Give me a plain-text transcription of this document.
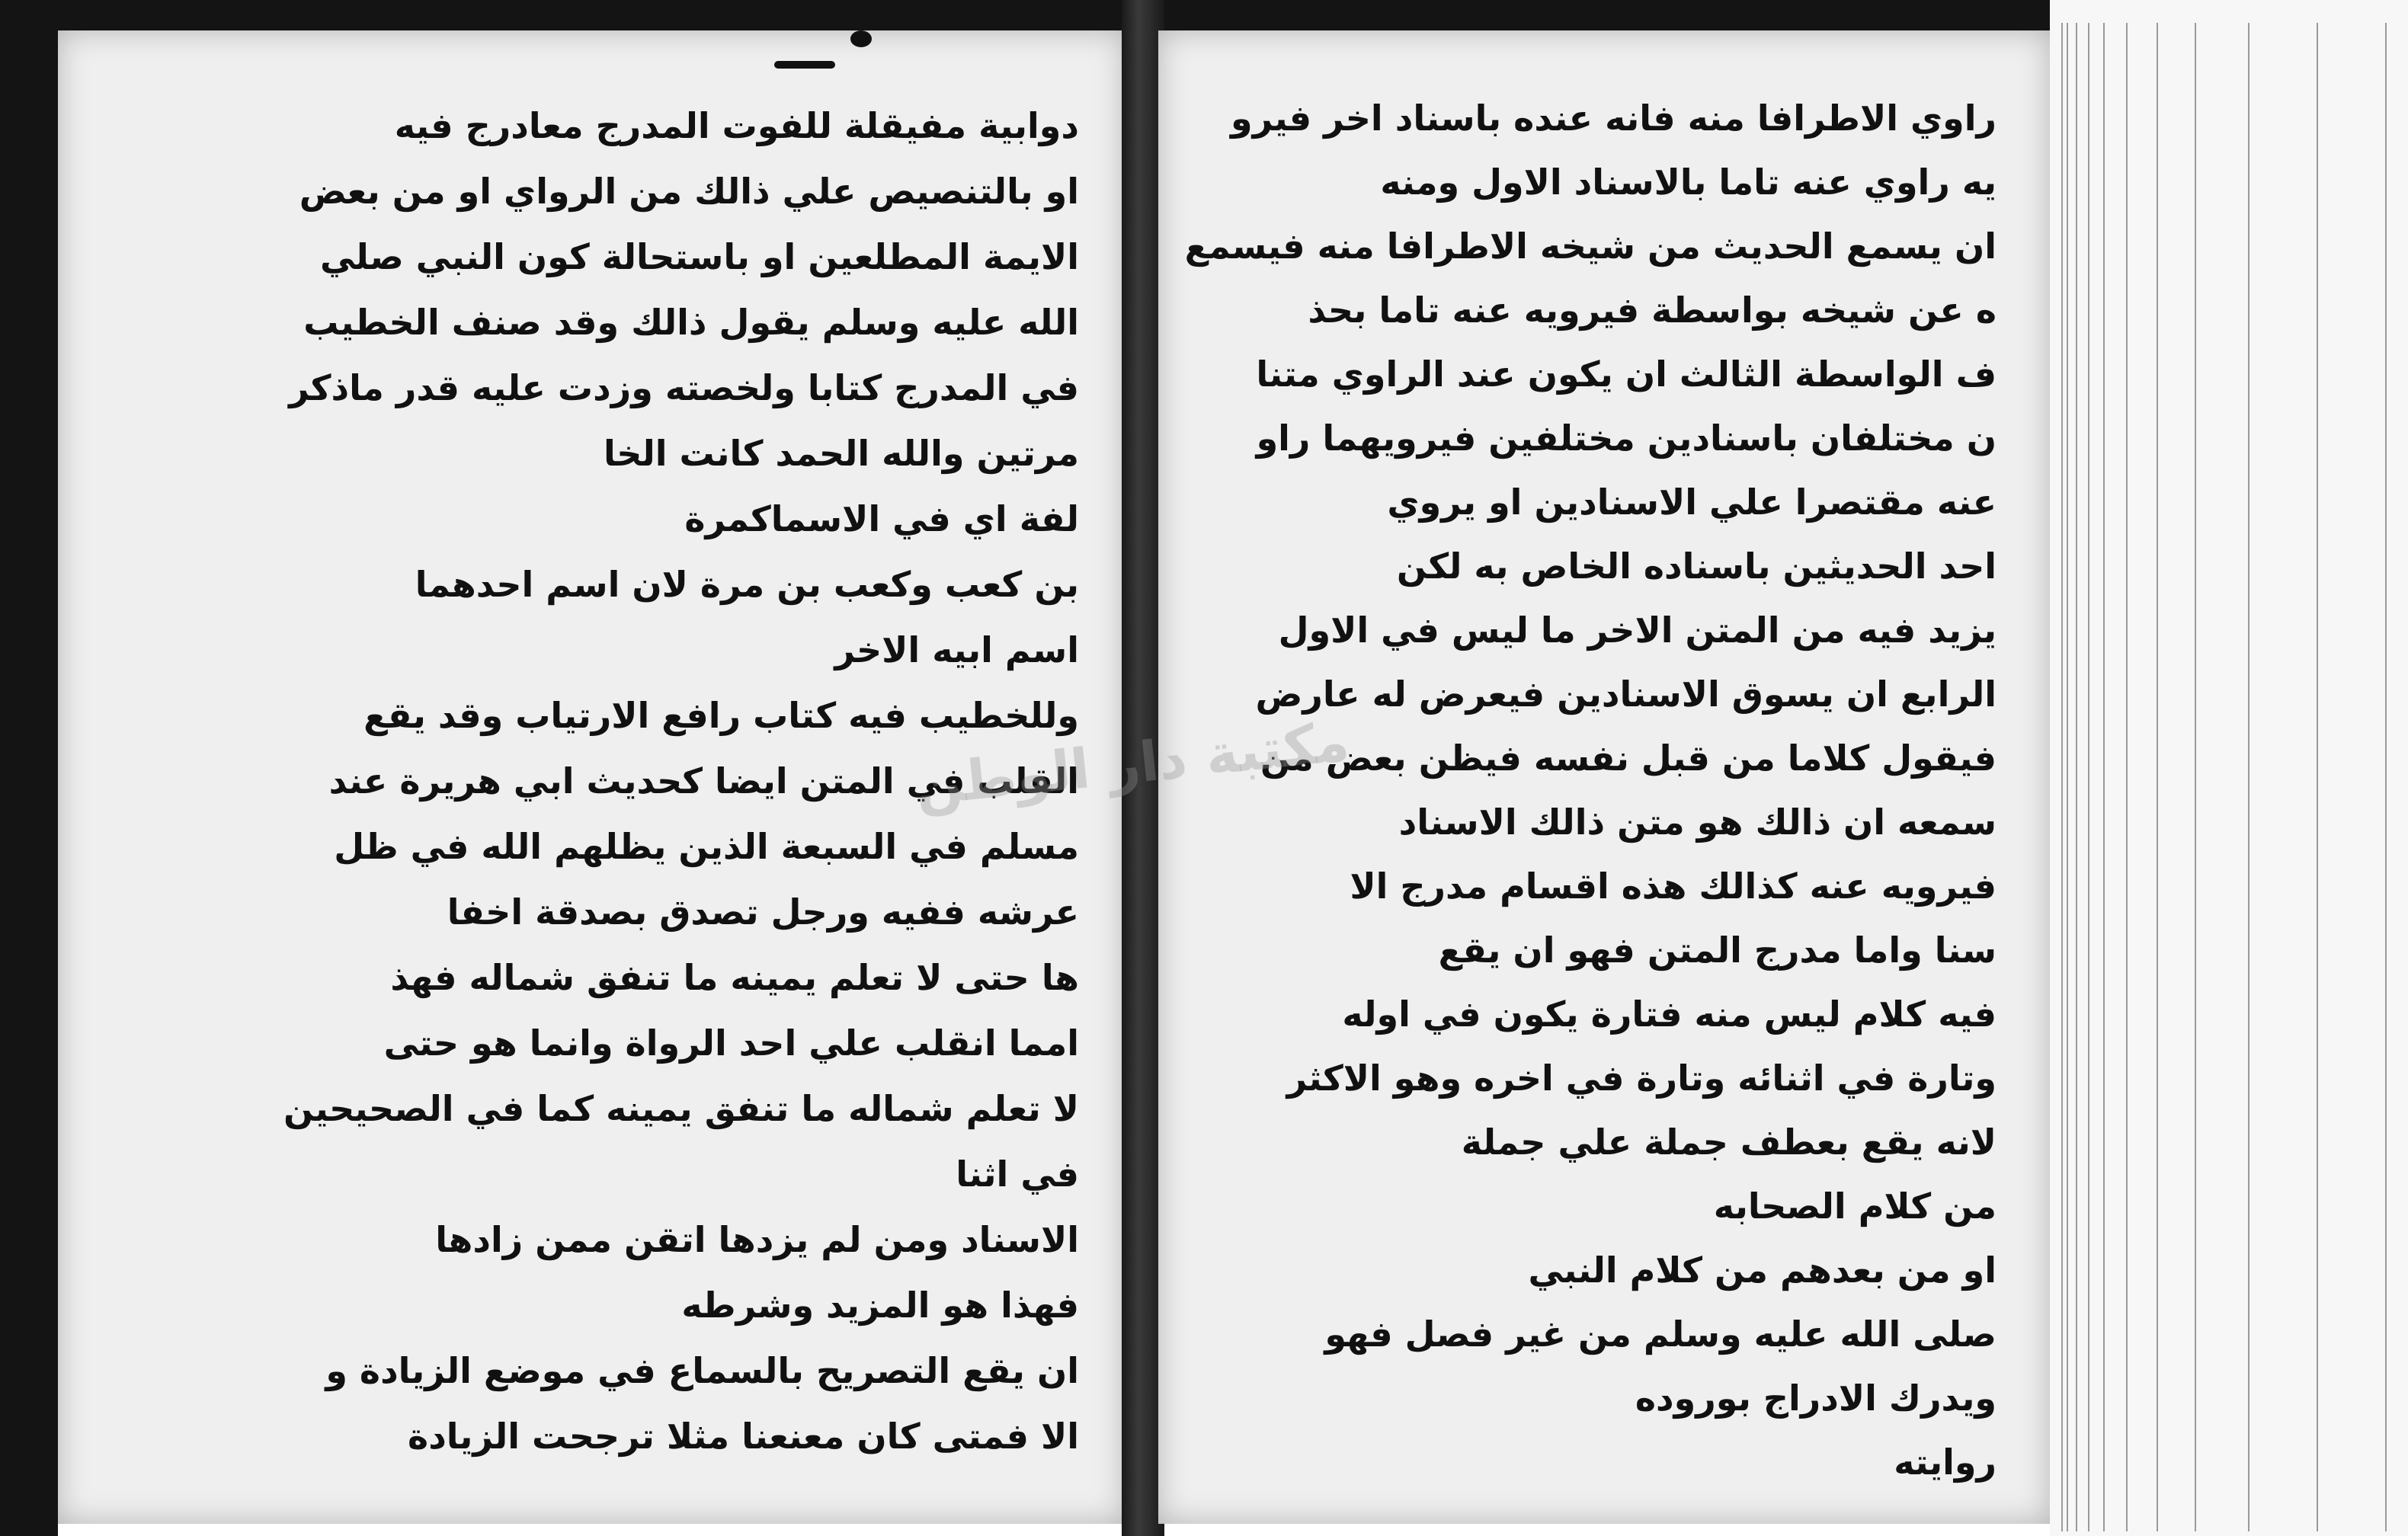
دوابية مفيقلة للفوت المدرج معادرج فيه
او بالتنصيص علي ذالك من الرواي او من بعض
الايمة المطلعين او باستحالة كون النبي صلي
الله عليه وسلم يقول ذالك وقد صنف الخطيب
في المدرج كتابا ولخصته وزدت عليه قدر ماذكر
مرتين والله الحمد كانت الخا
لفة اي في الاسماكمرة
بن كعب وكعب بن مرة لان اسم احدهما
اسم ابيه الاخر
وللخطيب فيه كتاب رافع الارتياب وقد يقع
القلب في المتن ايضا كحديث ابي هريرة عند
مسلم في السبعة الذين يظلهم الله في ظل
عرشه ففيه ورجل تصدق بصدقة اخفا
ها حتى لا تعلم يمينه ما تنفق شماله فهذ
امما انقلب علي احد الرواة وانما هو حتى
لا تعلم شماله ما تنفق يمينه كما في الصحيحين
في اثنا
الاسناد ومن لم يزدها اتقن ممن زادها
فهذا هو المزيد وشرطه
ان يقع التصريح بالسماع في موضع الزيادة و
الا فمتى كان معنعنا مثلا ترجحت الزيادة
راوي الاطرافا منه فانه عنده باسناد اخر فيرو
يه راوي عنه تاما بالاسناد الاول ومنه
ان يسمع الحديث من شيخه الاطرافا منه فيسمع
ه عن شيخه بواسطة فيرويه عنه تاما بحذ
ف الواسطة الثالث ان يكون عند الراوي متنا
ن مختلفان باسنادين مختلفين فيرويهما راو
عنه مقتصرا علي الاسنادين او يروي
احد الحديثين باسناده الخاص به لكن
يزيد فيه من المتن الاخر ما ليس في الاول
الرابع ان يسوق الاسنادين فيعرض له عارض
فيقول كلاما من قبل نفسه فيظن بعض من
سمعه ان ذالك هو متن ذالك الاسناد
فيرويه عنه كذالك هذه اقسام مدرج الا
سنا واما مدرج المتن فهو ان يقع
فيه كلام ليس منه فتارة يكون في اوله
وتارة في اثنائه وتارة في اخره وهو الاكثر
لانه يقع بعطف جملة علي جملة
من كلام الصحابه
او من بعدهم من كلام النبي
صلى الله عليه وسلم من غير فصل فهو
ويدرك الادراج بوروده
روايته
مكتبة دار الوطن
